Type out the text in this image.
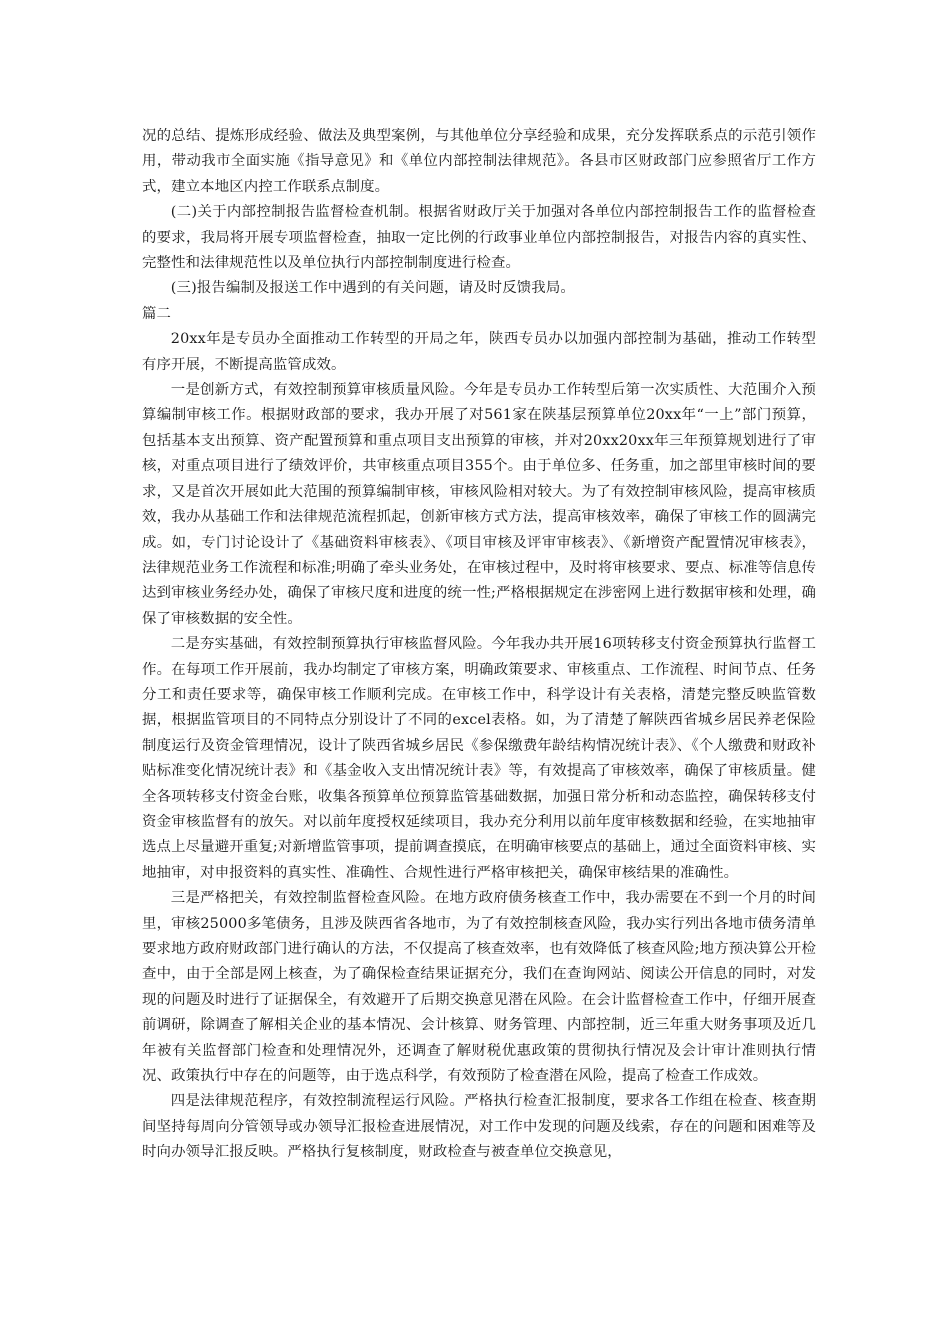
况的总结、提炼形成经验、做法及典型案例，与其他单位分享经验和成果，充分发挥联系点的示范引领作用，带动我市全面实施《指导意见》和《单位内部控制法律规范》。各县市区财政部门应参照省厅工作方式，建立本地区内控工作联系点制度。

(二)关于内部控制报告监督检查机制。根据省财政厅关于加强对各单位内部控制报告工作的监督检查的要求，我局将开展专项监督检查，抽取一定比例的行政事业单位内部控制报告，对报告内容的真实性、完整性和法律规范性以及单位执行内部控制制度进行检查。

(三)报告编制及报送工作中遇到的有关问题，请及时反馈我局。

篇二

20xx年是专员办全面推动工作转型的开局之年，陕西专员办以加强内部控制为基础，推动工作转型有序开展，不断提高监管成效。

一是创新方式，有效控制预算审核质量风险。今年是专员办工作转型后第一次实质性、大范围介入预算编制审核工作。根据财政部的要求，我办开展了对561家在陕基层预算单位20xx年“一上”部门预算，包括基本支出预算、资产配置预算和重点项目支出预算的审核，并对20xx20xx年三年预算规划进行了审核，对重点项目进行了绩效评价，共审核重点项目355个。由于单位多、任务重，加之部里审核时间的要求，又是首次开展如此大范围的预算编制审核，审核风险相对较大。为了有效控制审核风险，提高审核质效，我办从基础工作和法律规范流程抓起，创新审核方式方法，提高审核效率，确保了审核工作的圆满完成。如，专门讨论设计了《基础资料审核表》、《项目审核及评审审核表》、《新增资产配置情况审核表》，法律规范业务工作流程和标准;明确了牵头业务处，在审核过程中，及时将审核要求、要点、标准等信息传达到审核业务经办处，确保了审核尺度和进度的统一性;严格根据规定在涉密网上进行数据审核和处理，确保了审核数据的安全性。

二是夯实基础，有效控制预算执行审核监督风险。今年我办共开展16项转移支付资金预算执行监督工作。在每项工作开展前，我办均制定了审核方案，明确政策要求、审核重点、工作流程、时间节点、任务分工和责任要求等，确保审核工作顺利完成。在审核工作中，科学设计有关表格，清楚完整反映监管数据，根据监管项目的不同特点分别设计了不同的excel表格。如，为了清楚了解陕西省城乡居民养老保险制度运行及资金管理情况，设计了陕西省城乡居民《参保缴费年龄结构情况统计表》、《个人缴费和财政补贴标准变化情况统计表》和《基金收入支出情况统计表》等，有效提高了审核效率，确保了审核质量。健全各项转移支付资金台账，收集各预算单位预算监管基础数据，加强日常分析和动态监控，确保转移支付资金审核监督有的放矢。对以前年度授权延续项目，我办充分利用以前年度审核数据和经验，在实地抽审选点上尽量避开重复;对新增监管事项，提前调查摸底，在明确审核要点的基础上，通过全面资料审核、实地抽审，对申报资料的真实性、准确性、合规性进行严格审核把关，确保审核结果的准确性。

三是严格把关，有效控制监督检查风险。在地方政府债务核查工作中，我办需要在不到一个月的时间里，审核25000多笔债务，且涉及陕西省各地市，为了有效控制核查风险，我办实行列出各地市债务清单要求地方政府财政部门进行确认的方法，不仅提高了核查效率，也有效降低了核查风险;地方预决算公开检查中，由于全部是网上核查，为了确保检查结果证据充分，我们在查询网站、阅读公开信息的同时，对发现的问题及时进行了证据保全，有效避开了后期交换意见潜在风险。在会计监督检查工作中，仔细开展查前调研，除调查了解相关企业的基本情况、会计核算、财务管理、内部控制，近三年重大财务事项及近几年被有关监督部门检查和处理情况外，还调查了解财税优惠政策的贯彻执行情况及会计审计准则执行情况、政策执行中存在的问题等，由于选点科学，有效预防了检查潜在风险，提高了检查工作成效。

四是法律规范程序，有效控制流程运行风险。严格执行检查汇报制度，要求各工作组在检查、核查期间坚持每周向分管领导或办领导汇报检查进展情况，对工作中发现的问题及线索，存在的问题和困难等及时向办领导汇报反映。严格执行复核制度，财政检查与被查单位交换意见，
